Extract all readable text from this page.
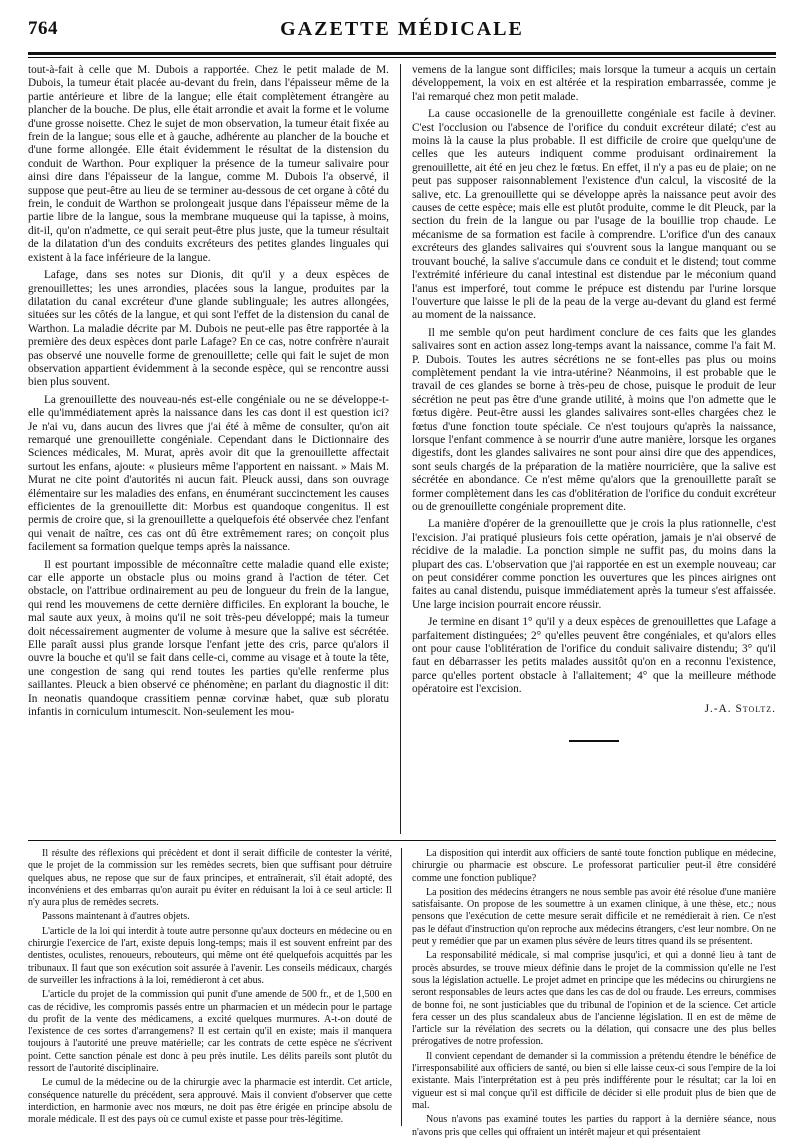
764	GAZETTE MÉDICALE

tout-à-fait à celle que M. Dubois a rapportée. Chez le petit malade de M. Dubois, la tumeur était placée au-devant du frein, dans l'épaisseur même de la partie antérieure et libre de la langue; elle était complètement étrangère au plancher de la bouche. De plus, elle était arrondie et avait la forme et le volume d'une grosse noisette. Chez le sujet de mon observation, la tumeur était fixée au frein de la langue; sous elle et à gauche, adhérente au plancher de la bouche et d'une forme allongée. Elle était évidemment le résultat de la distension du conduit de Warthon. Pour expliquer la présence de la tumeur salivaire pour ainsi dire dans l'épaisseur de la langue, comme M. Dubois l'a observé, il suppose que peut-être au lieu de se terminer au-dessous de cet organe à côté du frein, le conduit de Warthon se prolongeait jusque dans l'épaisseur même de la partie libre de la langue, sous la membrane muqueuse qui la tapisse, à moins, dit-il, qu'on n'admette, ce qui serait peut-être plus juste, que la tumeur résultait de la dilatation d'un des conduits excréteurs des petites glandes linguales qui existent à la face inférieure de la langue.

Lafage, dans ses notes sur Dionis, dit qu'il y a deux espèces de grenouillettes; les unes arrondies, placées sous la langue, produites par la dilatation du canal excréteur d'une glande sublinguale; les autres allongées, situées sur les côtés de la langue, et qui sont l'effet de la distension du canal de Warthon. La maladie décrite par M. Dubois ne peut-elle pas être rapportée à la première des deux espèces dont parle Lafage? En ce cas, notre confrère n'aurait pas observé une nouvelle forme de grenouillette; celle qui fait le sujet de mon observation appartient évidemment à la seconde espèce, qui se rencontre aussi bien plus souvent.

La grenouillette des nouveau-nés est-elle congéniale ou ne se développe-t-elle qu'immédiatement après la naissance dans les cas dont il est question ici? Je n'ai vu, dans aucun des livres que j'ai été à même de consulter, qu'on ait remarqué une grenouillette congéniale. Cependant dans le Dictionnaire des Sciences médicales, M. Murat, après avoir dit que la grenouillette affectait surtout les enfans, ajoute: « plusieurs même l'apportent en naissant. » Mais M. Murat ne cite point d'autorités ni aucun fait. Pleuck aussi, dans son ouvrage élémentaire sur les maladies des enfans, en énumérant succinctement les causes efficientes de la grenouillette dit: Morbus est quandoque congenitus. Il est permis de croire que, si la grenouillette a quelquefois été observée chez l'enfant qui venait de naître, ces cas ont dû être extrêmement rares; on conçoit plus facilement sa formation quelque temps après la naissance.

Il est pourtant impossible de méconnaître cette maladie quand elle existe; car elle apporte un obstacle plus ou moins grand à l'action de téter. Cet obstacle, on l'attribue ordinairement au peu de longueur du frein de la langue, qui rend les mouvemens de cette dernière difficiles. En explorant la bouche, le mal saute aux yeux, à moins qu'il ne soit très-peu développé; mais la tumeur doit nécessairement augmenter de volume à mesure que la salive est sécrétée. Elle paraît aussi plus grande lorsque l'enfant jette des cris, parce qu'alors il ouvre la bouche et qu'il se fait dans celle-ci, comme au visage et à toute la tête, une congestion de sang qui rend toutes les parties qu'elle renferme plus saillantes. Pleuck a bien observé ce phénomène; en parlant du diagnostic il dit: In neonatis quandoque crassitiem pennæ corvinæ habet, quæ sub ploratu infantis in corniculum intumescit. Non-seulement les mou-

vemens de la langue sont difficiles; mais lorsque la tumeur a acquis un certain développement, la voix en est altérée et la respiration embarrassée, comme je l'ai remarqué chez mon petit malade.

La cause occasionelle de la grenouillette congéniale est facile à deviner. C'est l'occlusion ou l'absence de l'orifice du conduit excréteur dilaté; c'est au moins là la cause la plus probable. Il est difficile de croire que quelqu'une de celles que les auteurs indiquent comme produisant ordinairement la grenouillette, ait été en jeu chez le fœtus. En effet, il n'y a pas eu de plaie; on ne peut pas supposer raisonnablement l'existence d'un calcul, la viscosité de la salive, etc. La grenouillette qui se développe après la naissance peut avoir des causes de cette espèce; mais elle est plutôt produite, comme le dit Pleuck, par la section du frein de la langue ou par l'usage de la bouillie trop chaude. Le mécanisme de sa formation est facile à comprendre. L'orifice d'un des canaux excréteurs des glandes salivaires qui s'ouvrent sous la langue manquant ou se trouvant bouché, la salive s'accumule dans ce conduit et le distend; tout comme l'extrémité inférieure du canal intestinal est distendue par le méconium quand l'anus est imperforé, tout comme le prépuce est distendu par l'urine lorsque l'ouverture que laisse le pli de la peau de la verge au-devant du gland est fermé au moment de la naissance.

Il me semble qu'on peut hardiment conclure de ces faits que les glandes salivaires sont en action assez long-temps avant la naissance, comme l'a fait M. P. Dubois. Toutes les autres sécrétions ne se font-elles pas plus ou moins complètement pendant la vie intra-utérine? Néanmoins, il est probable que le travail de ces glandes se borne à très-peu de chose, puisque le produit de leur sécrétion ne peut pas être d'une grande utilité, à moins que l'on admette que le fœtus digère. Peut-être aussi les glandes salivaires sont-elles chargées chez le fœtus d'une fonction toute spéciale. Ce n'est toujours qu'après la naissance, lorsque l'enfant commence à se nourrir d'une autre manière, lorsque les organes digestifs, dont les glandes salivaires ne sont pour ainsi dire que des appendices, sont seuls chargés de la préparation de la matière nourricière, que la salive est sécrétée en abondance. Ce n'est même qu'alors que la grenouillette paraît se former complètement dans les cas d'oblitération de l'orifice du conduit excréteur ou de grenouillette congéniale proprement dite.

La manière d'opérer de la grenouillette que je crois la plus rationnelle, c'est l'excision. J'ai pratiqué plusieurs fois cette opération, jamais je n'ai observé de récidive de la maladie. La ponction simple ne suffit pas, du moins dans la plupart des cas. L'observation que j'ai rapportée en est un exemple nouveau; car on peut considérer comme ponction les ouvertures que les pinces airignes ont faites au canal distendu, puisque immédiatement après la tumeur s'est affaissée. Une large incision pourrait encore réussir.

Je termine en disant 1° qu'il y a deux espèces de grenouillettes que Lafage a parfaitement distinguées; 2° qu'elles peuvent être congéniales, et qu'alors elles ont pour cause l'oblitération de l'orifice du conduit salivaire distendu; 3° qu'il faut en débarrasser les petits malades aussitôt qu'on en a reconnu l'existence, parce qu'elles portent obstacle à l'allaitement; 4° que la meilleure méthode opératoire est l'excision.

J.-A. Stoltz.

Il résulte des réflexions qui précèdent et dont il serait difficile de contester la vérité, que le projet de la commission sur les remèdes secrets, bien que suffisant pour détruire quelques abus, ne repose que sur de faux principes, et entraînerait, s'il était adopté, des inconvéniens et des embarras qu'on aurait pu éviter en réduisant la loi à ce seul article: Il n'y aura plus de remèdes secrets.

Passons maintenant à d'autres objets.

L'article de la loi qui interdit à toute autre personne qu'aux docteurs en médecine ou en chirurgie l'exercice de l'art, existe depuis long-temps; mais il est souvent enfreint par des dentistes, oculistes, renoueurs, rebouteurs, qui même ont été quelquefois acquittés par les tribunaux. Il faut que son exécution soit assurée à l'avenir. Les conseils médicaux, chargés de surveiller les infractions à la loi, remédieront à cet abus.

L'article du projet de la commission qui punit d'une amende de 500 fr., et de 1,500 en cas de récidive, les compromis passés entre un pharmacien et un médecin pour le partage du profit de la vente des médicamens, a excité quelques murmures. A-t-on douté de l'existence de ces sortes d'arrangemens? Il est certain qu'il en existe; mais il manquera toujours à l'autorité une preuve matérielle; car les contrats de cette espèce ne s'écrivent point. Cette sanction pénale est donc à peu près inutile. Les délits pareils sont plutôt du ressort de l'autorité disciplinaire.

Le cumul de la médecine ou de la chirurgie avec la pharmacie est interdit. Cet article, conséquence naturelle du précédent, sera approuvé. Mais il convient d'observer que cette interdiction, en harmonie avec nos mœurs, ne doit pas être érigée en principe absolu de morale médicale. Il est des pays où ce cumul existe et passe pour très-légitime.

La disposition qui interdit aux officiers de santé toute fonction publique en médecine, chirurgie ou pharmacie est obscure. Le professorat particulier peut-il être considéré comme une fonction publique?

La position des médecins étrangers ne nous semble pas avoir été résolue d'une manière satisfaisante. On propose de les soumettre à un examen clinique, à une thèse, etc.; nous pensons que l'exécution de cette mesure serait difficile et ne remédierait à rien. Ce n'est pas le défaut d'instruction qu'on reproche aux médecins étrangers, c'est leur nombre. On ne peut y remédier que par un examen plus sévère de leurs titres quand ils se présentent.

La responsabilité médicale, si mal comprise jusqu'ici, et qui a donné lieu à tant de procès absurdes, se trouve mieux définie dans le projet de la commission qu'elle ne l'est sous la législation actuelle. Le projet admet en principe que les médecins ou chirurgiens ne seront responsables de leurs actes que dans les cas de dol ou fraude. Les erreurs, commises de bonne foi, ne sont justiciables que du tribunal de l'opinion et de la science. Cet article fera cesser un des plus scandaleux abus de l'ancienne législation. Il en est de même de l'article sur la révélation des secrets ou la délation, qui consacre une des plus belles prérogatives de notre profession.

Il convient cependant de demander si la commission a prétendu étendre le bénéfice de l'irresponsabilité aux officiers de santé, ou bien si elle laisse ceux-ci sous l'empire de la loi existante. Mais l'interprétation est à peu près indifférente pour le résultat; car la loi en vigueur est si mal conçue qu'il est difficile de décider si elle produit plus de bien que de mal.

Nous n'avons pas examiné toutes les parties du rapport à la dernière séance, nous n'avons pris que celles qui offraient un intérêt majeur et qui présentaient
